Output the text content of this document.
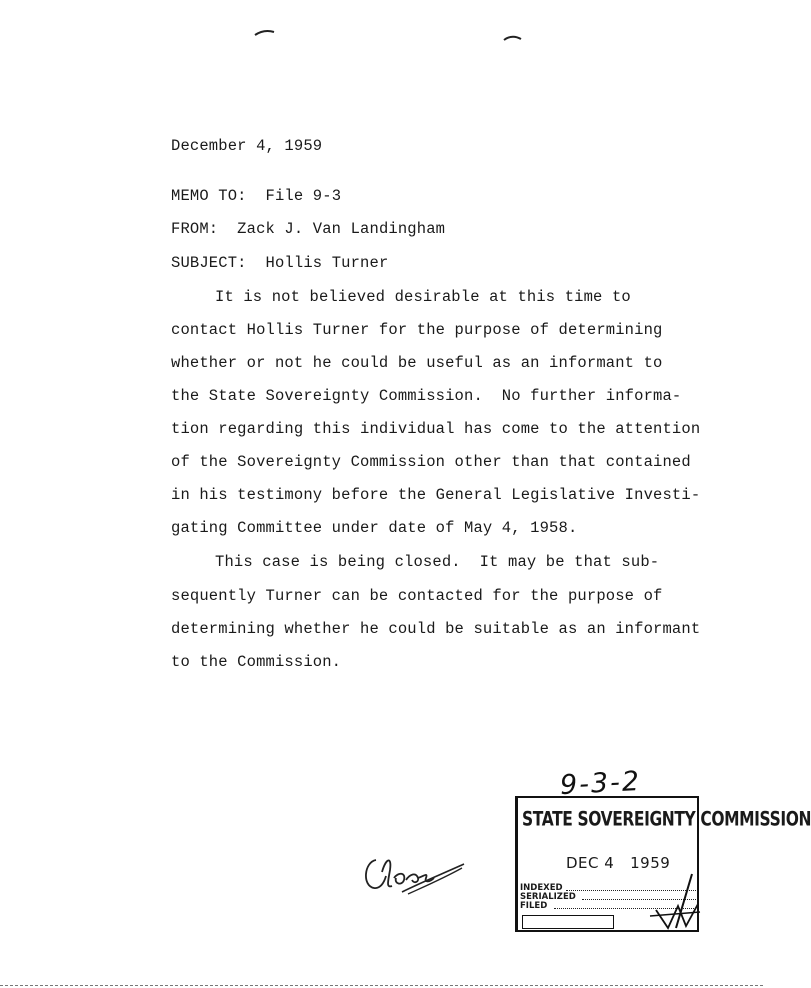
December 4, 1959

MEMO TO: File 9-3

FROM: Zack J. Van Landingham

SUBJECT: Hollis Turner

It is not believed desirable at this time to

contact Hollis Turner for the purpose of determining

whether or not he could be useful as an informant to

the State Sovereignty Commission.  No further informa-

tion regarding this individual has come to the attention

of the Sovereignty Commission other than that contained

in his testimony before the General Legislative Investi-

gating Committee under date of May 4, 1958.

This case is being closed.  It may be that sub-

sequently Turner can be contacted for the purpose of

determining whether he could be suitable as an informant

to the Commission.

9-3-2
STATE SOVEREIGNTY COMMISSION
DEC 4   1959
INDEXED
SERIALIZED
FILED
